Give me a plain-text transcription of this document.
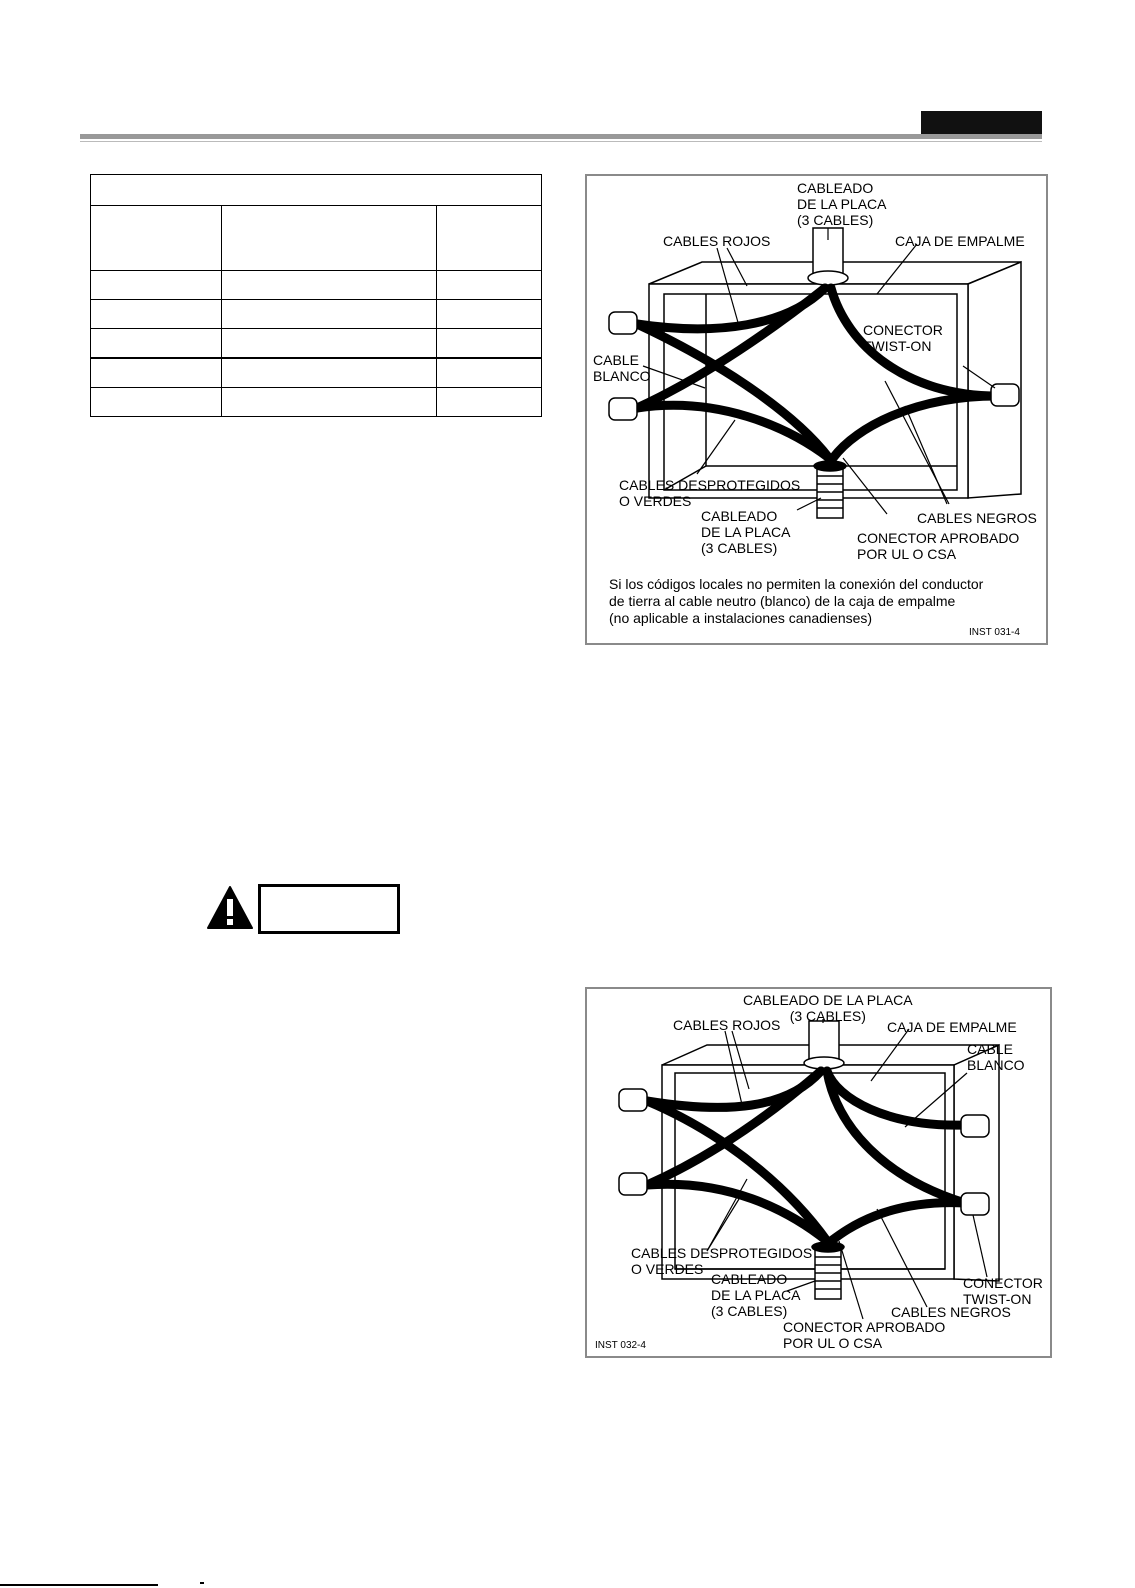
CABLEADO
DE LA PLACA
(3 CABLES)
CABLES ROJOS	CAJA DE EMPALME
CONECTOR
TWIST-ON
CABLE
BLANCO
CABLES DESPROTEGIDOS
O VERDES
CABLEADO
DE LA PLACA
(3 CABLES)
CABLES NEGROS
CONECTOR APROBADO
POR UL O CSA
Si los códigos locales no permiten la conexión del conductor
de tierra al cable neutro (blanco) de la caja de empalme
(no aplicable a instalaciones canadienses)
INST 031-4
CABLEADO DE LA PLACA
(3 CABLES)
CABLES ROJOS	CAJA DE EMPALME
CABLE
BLANCO
CABLES DESPROTEGIDOS
O VERDES
CABLEADO
DE LA PLACA
(3 CABLES)
CONECTOR APROBADO
POR UL O CSA
CABLES NEGROS
CONECTOR
TWIST-ON
INST 032-4
